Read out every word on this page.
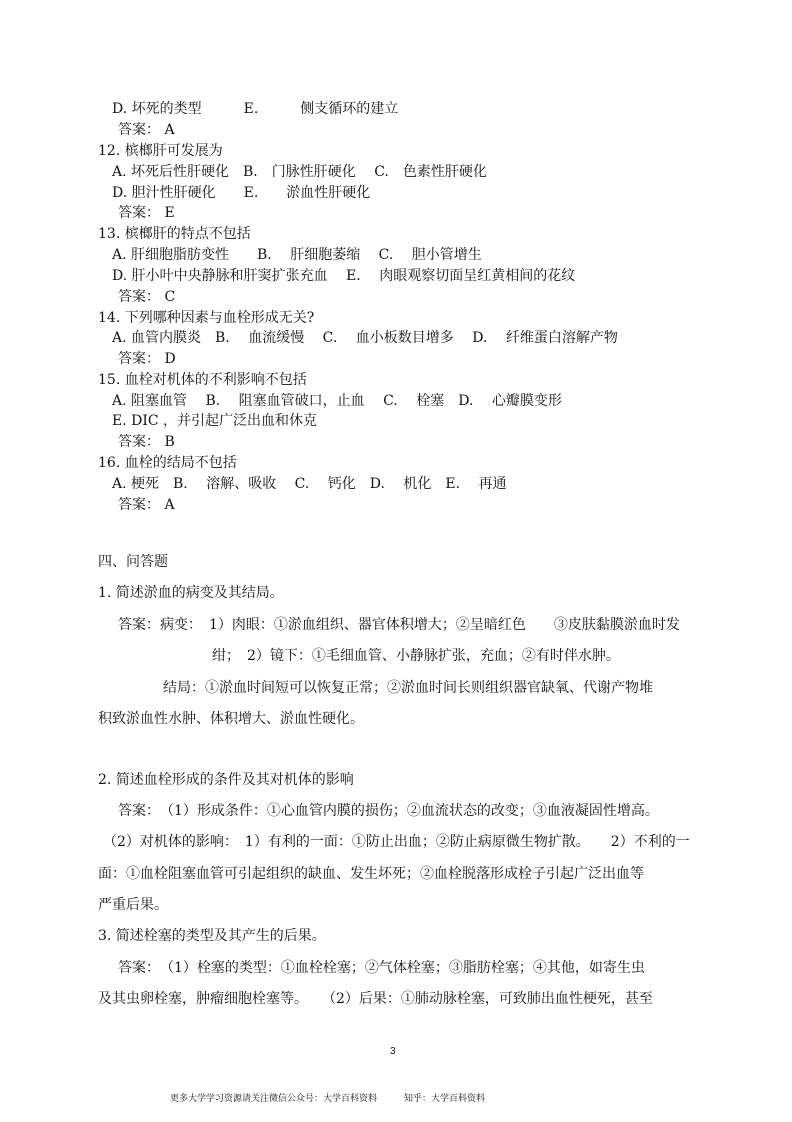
D. 坏死的类型　　　E.　　　侧支循环的建立
答案： A
12. 槟榔肝可发展为
A. 坏死后性肝硬化　B.　门脉性肝硬化　 C.　色素性肝硬化
D. 胆汁性肝硬化　　E.　　淤血性肝硬化
答案： E
13. 槟榔肝的特点不包括
A. 肝细胞脂肪变性　　B.　 肝细胞萎缩　 C.　 胆小管增生
D. 肝小叶中央静脉和肝窦扩张充血　 E.　 肉眼观察切面呈红黄相间的花纹
答案： C
14. 下列哪种因素与血栓形成无关?
A. 血管内膜炎　B.　 血流缓慢　 C.　 血小板数目增多　 D.　 纤维蛋白溶解产物
答案： D
15. 血栓对机体的不利影响不包括
A. 阻塞血管　 B.　 阻塞血管破口，止血　 C.　 栓塞　D.　 心瓣膜变形
E. DIC ，并引起广泛出血和休克
答案： B
16. 血栓的结局不包括
A. 梗死　B.　 溶解、吸收　 C.　 钙化　D.　 机化　E.　 再通
答案： A
四、问答题
1. 简述淤血的病变及其结局。
答案：病变：　1）肉眼：①淤血组织、器官体积增大；②呈暗红色　　③皮肤黏膜淤血时发
绀；　2）镜下：①毛细血管、小静脉扩张，充血；②有时伴水肿。
结局：①淤血时间短可以恢复正常；②淤血时间长则组织器官缺氧、代谢产物堆
积致淤血性水肿、体积增大、淤血性硬化。
2. 简述血栓形成的条件及其对机体的影响
答案：　（1）形成条件：①心血管内膜的损伤；②血流状态的改变；③血液凝固性增高。
（2）对机体的影响：　1）有利的一面：①防止出血；②防止病原微生物扩散。　　2）不利的一
面：①血栓阻塞血管可引起组织的缺血、发生坏死；②血栓脱落形成栓子引起广泛出血等
严重后果。
3. 简述栓塞的类型及其产生的后果。
答案：　（1）栓塞的类型：①血栓栓塞；②气体栓塞；③脂肪栓塞；④其他，如寄生虫
及其虫卵栓塞，肿瘤细胞栓塞等。　　（2）后果：①肺动脉栓塞，可致肺出血性梗死，甚至
3
更多大学学习资源请关注微信公众号：大学百科资料　　　知乎：大学百科资料
